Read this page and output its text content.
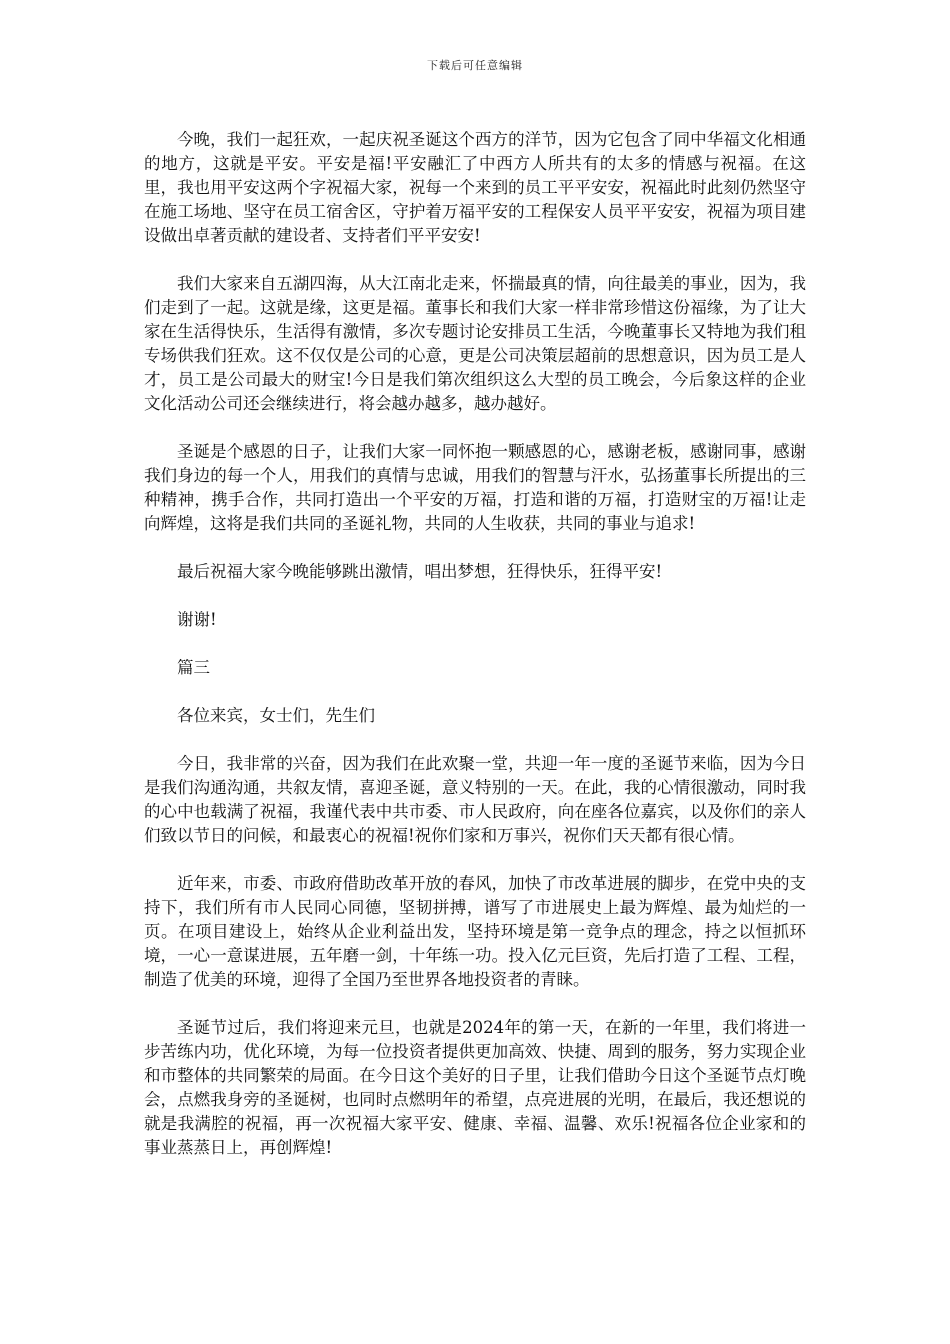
下载后可任意编辑

今晚，我们一起狂欢，一起庆祝圣诞这个西方的洋节，因为它包含了同中华福文化相通的地方，这就是平安。平安是福!平安融汇了中西方人所共有的太多的情感与祝福。在这里，我也用平安这两个字祝福大家，祝每一个来到的员工平平安安，祝福此时此刻仍然坚守在施工场地、坚守在员工宿舍区，守护着万福平安的工程保安人员平平安安，祝福为项目建设做出卓著贡献的建设者、支持者们平平安安!

我们大家来自五湖四海，从大江南北走来，怀揣最真的情，向往最美的事业，因为，我们走到了一起。这就是缘，这更是福。董事长和我们大家一样非常珍惜这份福缘，为了让大家在生活得快乐，生活得有激情，多次专题讨论安排员工生活，今晚董事长又特地为我们租专场供我们狂欢。这不仅仅是公司的心意，更是公司决策层超前的思想意识，因为员工是人才，员工是公司最大的财宝!今日是我们第次组织这么大型的员工晚会，今后象这样的企业文化活动公司还会继续进行，将会越办越多，越办越好。

圣诞是个感恩的日子，让我们大家一同怀抱一颗感恩的心，感谢老板，感谢同事，感谢我们身边的每一个人，用我们的真情与忠诚，用我们的智慧与汗水，弘扬董事长所提出的三种精神，携手合作，共同打造出一个平安的万福，打造和谐的万福，打造财宝的万福!让走向辉煌，这将是我们共同的圣诞礼物，共同的人生收获，共同的事业与追求!

最后祝福大家今晚能够跳出激情，唱出梦想，狂得快乐，狂得平安!

谢谢!

篇三

各位来宾，女士们，先生们

今日，我非常的兴奋，因为我们在此欢聚一堂，共迎一年一度的圣诞节来临，因为今日是我们沟通沟通，共叙友情，喜迎圣诞，意义特别的一天。在此，我的心情很激动，同时我的心中也载满了祝福，我谨代表中共市委、市人民政府，向在座各位嘉宾，以及你们的亲人们致以节日的问候，和最衷心的祝福!祝你们家和万事兴，祝你们天天都有很心情。

近年来，市委、市政府借助改革开放的春风，加快了市改革进展的脚步，在党中央的支持下，我们所有市人民同心同德，坚韧拼搏，谱写了市进展史上最为辉煌、最为灿烂的一页。在项目建设上，始终从企业利益出发，坚持环境是第一竞争点的理念，持之以恒抓环境，一心一意谋进展，五年磨一剑，十年练一功。投入亿元巨资，先后打造了工程、工程，制造了优美的环境，迎得了全国乃至世界各地投资者的青睐。

圣诞节过后，我们将迎来元旦，也就是2024年的第一天，在新的一年里，我们将进一步苦练内功，优化环境，为每一位投资者提供更加高效、快捷、周到的服务，努力实现企业和市整体的共同繁荣的局面。在今日这个美好的日子里，让我们借助今日这个圣诞节点灯晚会，点燃我身旁的圣诞树，也同时点燃明年的希望，点亮进展的光明，在最后，我还想说的就是我满腔的祝福，再一次祝福大家平安、健康、幸福、温馨、欢乐!祝福各位企业家和的事业蒸蒸日上，再创辉煌!
